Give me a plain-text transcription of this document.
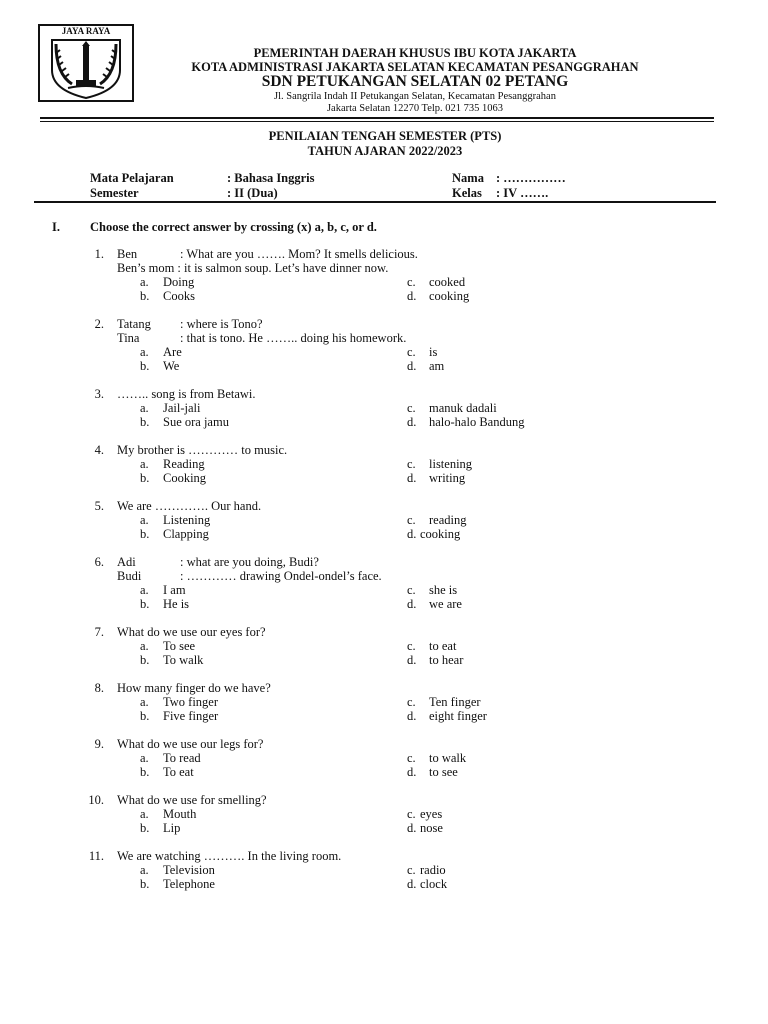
JAYA RAYA
PEMERINTAH DAERAH KHUSUS IBU KOTA JAKARTA
KOTA ADMINISTRASI JAKARTA SELATAN KECAMATAN PESANGGRAHAN
SDN PETUKANGAN SELATAN 02 PETANG
Jl. Sangrila Indah II Petukangan Selatan, Kecamatan Pesanggrahan
Jakarta Selatan 12270 Telp. 021 735 1063
PENILAIAN TENGAH SEMESTER (PTS)
TAHUN AJARAN 2022/2023
Mata Pelajaran	: Bahasa Inggris
Semester	: II (Dua)
Nama : ……………
Kelas : IV …….
I. Choose the correct answer by crossing (x) a, b, c, or d.
1. Ben	: What are you ……. Mom? It smells delicious.
Ben’s mom : it is salmon soup. Let’s have dinner now.
a. Doing
b. Cooks
c. cooked
d. cooking
2. Tatang : where is Tono?
Tina	: that is tono. He …….. doing his homework.
a. Are
b. We
c. is
d. am
3. …….. song is from Betawi.
a. Jail-jali
b. Sue ora jamu
c. manuk dadali
d. halo-halo Bandung
4. My brother is ………… to music.
a. Reading
b. Cooking
c. listening
d. writing
5. We are …………. Our hand.
a. Listening
b. Clapping
c. reading
d. cooking
6. Adi	: what are you doing, Budi?
Budi	: ………… drawing Ondel-ondel’s face.
a. I am
b. He is
c. she is
d. we are
7. What do we use our eyes for?
a. To see
b. To walk
c. to eat
d. to hear
8. How many finger do we have?
a. Two finger
b. Five finger
c. Ten finger
d. eight finger
9. What do we use our legs for?
a. To read
b. To eat
c. to walk
d. to see
10. What do we use for smelling?
a. Mouth
b. Lip
c. eyes
d. nose
11. We are watching ………. In the living room.
a. Television
b. Telephone
c. radio
d. clock
